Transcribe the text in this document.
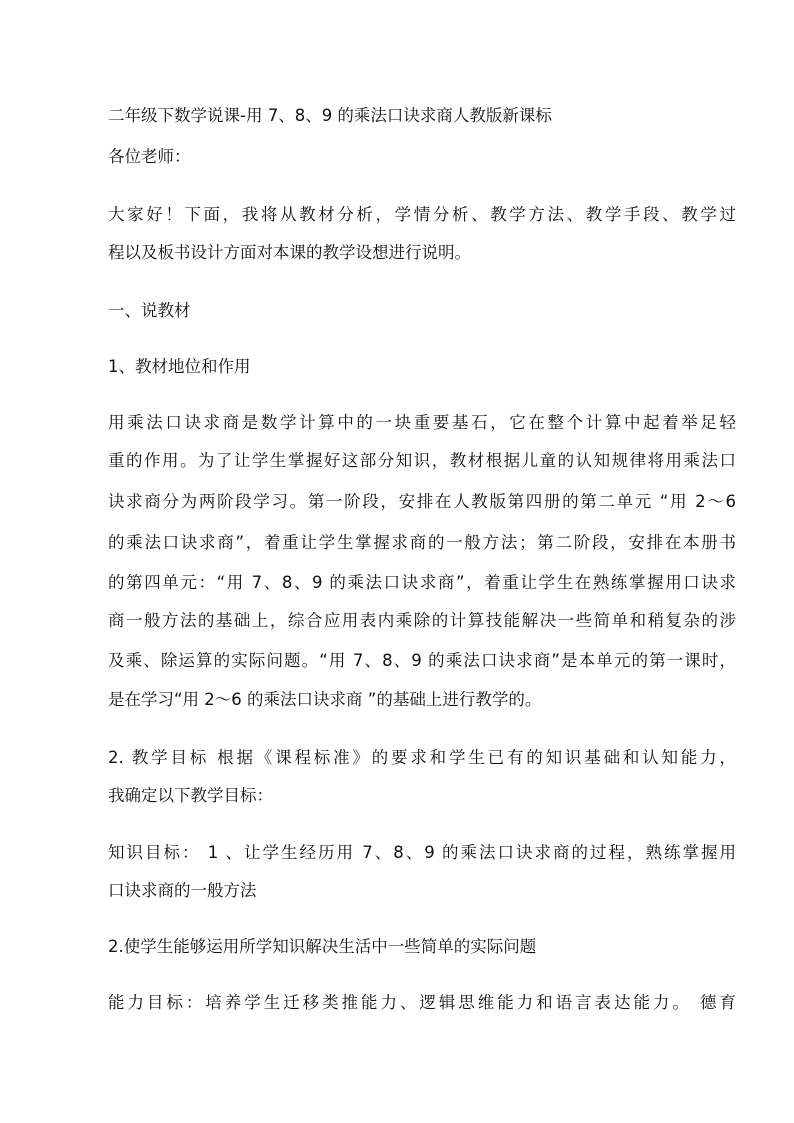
二年级下数学说课-用 7、8、9 的乘法口诀求商人教版新课标
各位老师：
大家好！下面，我将从教材分析，学情分析、教学方法、教学手段、教学过
程以及板书设计方面对本课的教学设想进行说明。
一、说教材
1、教材地位和作用
用乘法口诀求商是数学计算中的一块重要基石，它在整个计算中起着举足轻
重的作用。为了让学生掌握好这部分知识，教材根据儿童的认知规律将用乘法口
诀求商分为两阶段学习。第一阶段，安排在人教版第四册的第二单元 “用 2～6
的乘法口诀求商”，着重让学生掌握求商的一般方法；第二阶段，安排在本册书
的第四单元：“用 7、8、9 的乘法口诀求商”，着重让学生在熟练掌握用口诀求
商一般方法的基础上，综合应用表内乘除的计算技能解决一些简单和稍复杂的涉
及乘、除运算的实际问题。“用 7、8、9 的乘法口诀求商”是本单元的第一课时，
是在学习“用 2～6 的乘法口诀求商 ”的基础上进行教学的。
2. 教学目标 根据《课程标准》的要求和学生已有的知识基础和认知能力，
我确定以下教学目标：
知识目标： 1 、让学生经历用 7、8、9 的乘法口诀求商的过程，熟练掌握用
口诀求商的一般方法
2.使学生能够运用所学知识解决生活中一些简单的实际问题
能力目标：培养学生迁移类推能力、逻辑思维能力和语言表达能力。 德育
